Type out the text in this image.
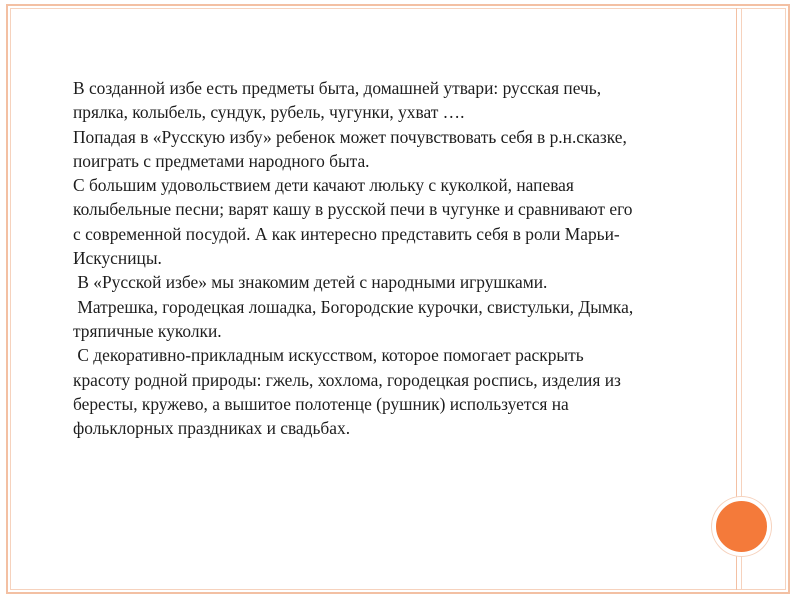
В созданной избе есть предметы быта, домашней утвари: русская печь,

прялка, колыбель, сундук, рубель, чугунки, ухват ….

Попадая в «Русскую избу» ребенок может почувствовать себя в р.н.сказке,

поиграть с предметами народного быта.

С большим удовольствием дети качают люльку с куколкой, напевая

колыбельные песни; варят кашу в русской печи в чугунке и сравнивают его

с современной посудой. А как интересно представить себя в роли Марьи-

Искусницы.

В «Русской избе» мы знакомим детей с народными игрушками.

Матрешка, городецкая лошадка, Богородские курочки, свистульки, Дымка,

тряпичные куколки.

С декоративно-прикладным искусством, которое помогает раскрыть

красоту родной природы: гжель, хохлома, городецкая роспись, изделия из

бересты, кружево, а вышитое полотенце (рушник) используется на

фольклорных праздниках и свадьбах.
